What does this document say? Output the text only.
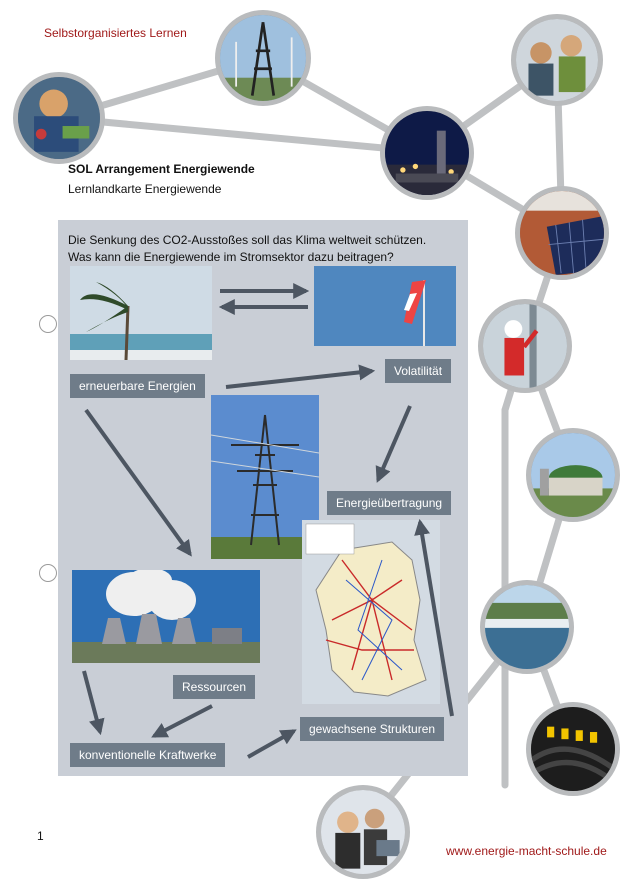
Selbstorganisiertes Lernen
SOL Arrangement Energiewende
Lernlandkarte Energiewende
Die Senkung des CO2-Ausstoßes soll das Klima weltweit schützen.
Was kann die Energiewende im Stromsektor dazu beitragen?
erneuerbare Energien
Volatilität
Energieübertragung
Ressourcen
konventionelle Kraftwerke
gewachsene Strukturen
1
www.energie-macht-schule.de
